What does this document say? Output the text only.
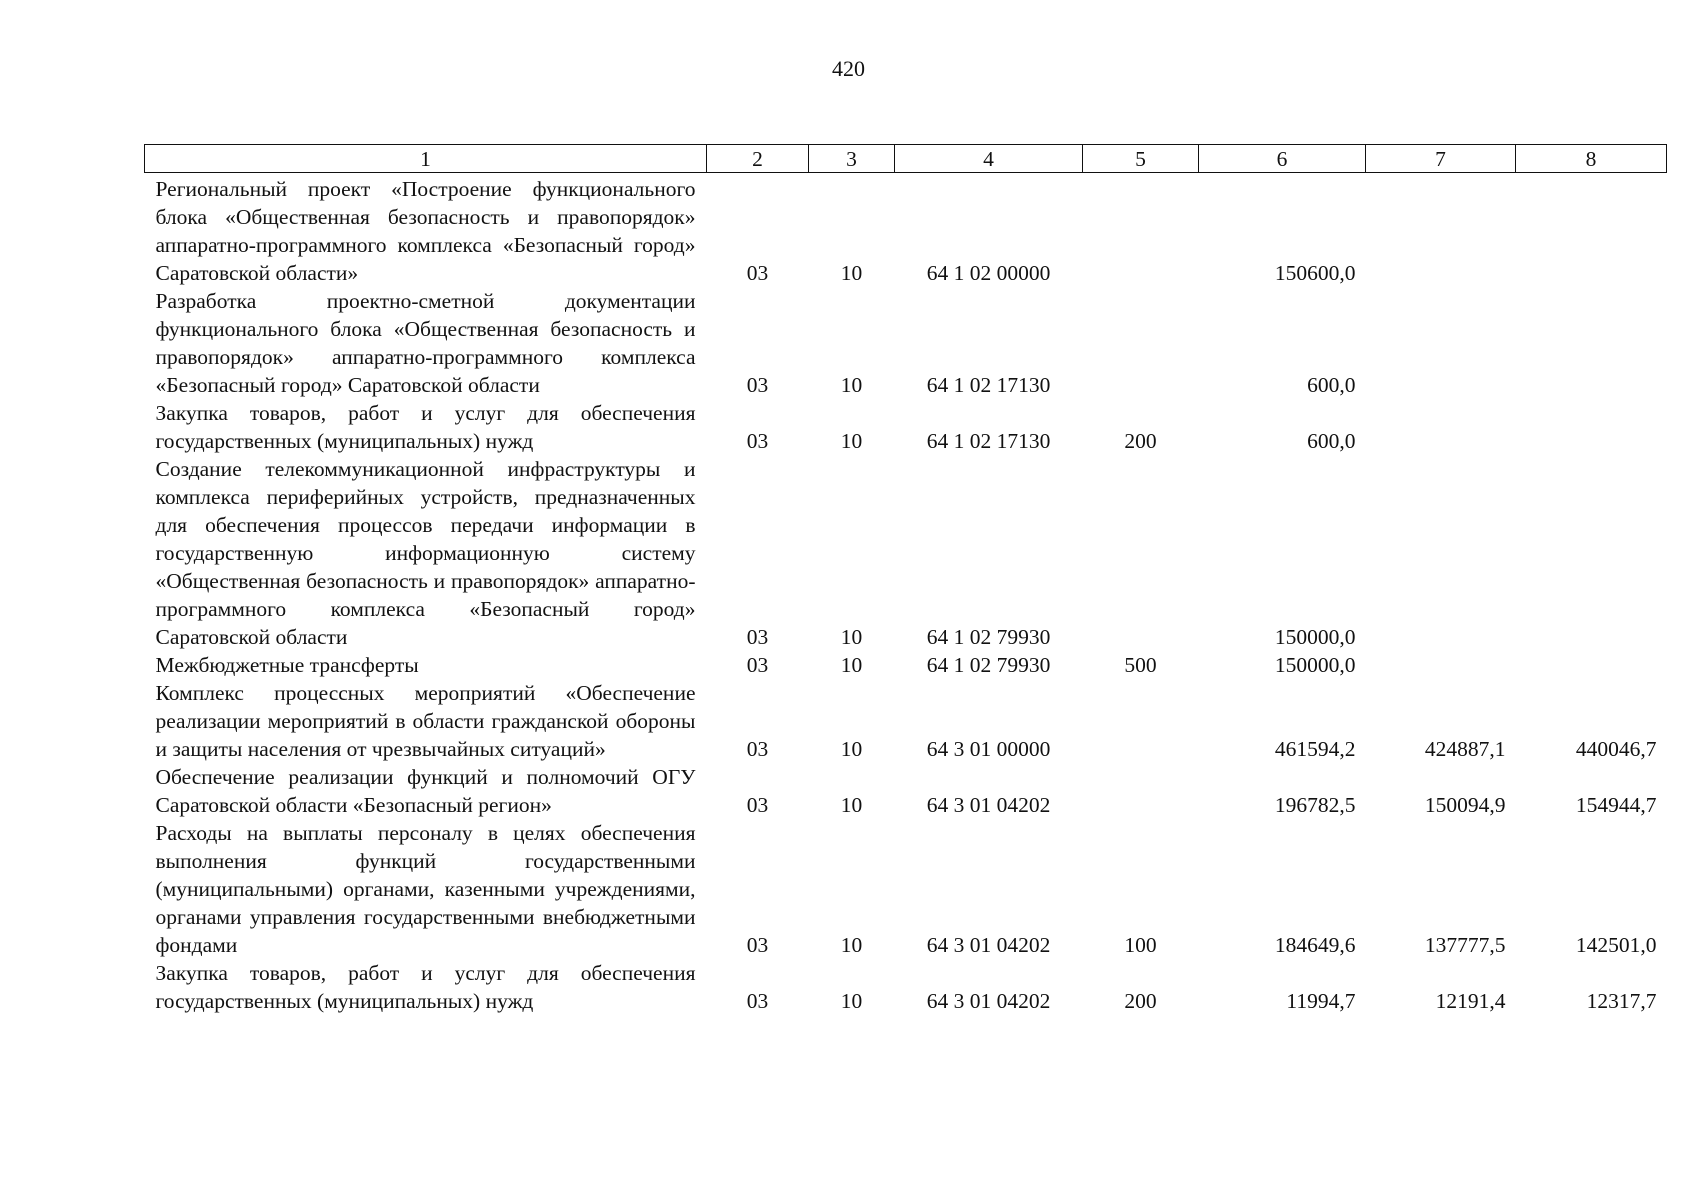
420
1	2	3	4	5	6	7	8
Региональный проект «Построение функционального блока «Общественная безопасность и правопорядок» аппаратно-программного комплекса «Безопасный город» Саратовской области»	03	10	64 1 02 00000		150600,0		
Разработка проектно-сметной документации функционального блока «Общественная безопасность и правопорядок» аппаратно-программного комплекса «Безопасный город» Саратовской области	03	10	64 1 02 17130		600,0		
Закупка товаров, работ и услуг для обеспечения государственных (муниципальных) нужд	03	10	64 1 02 17130	200	600,0		
Создание телекоммуникационной инфраструктуры и комплекса периферийных устройств, предназначенных для обеспечения процессов передачи информации в государственную информационную систему «Общественная безопасность и правопорядок» аппаратно-программного комплекса «Безопасный город» Саратовской области	03	10	64 1 02 79930		150000,0		
Межбюджетные трансферты	03	10	64 1 02 79930	500	150000,0		
Комплекс процессных мероприятий «Обеспечение реализации мероприятий в области гражданской обороны и защиты населения от чрезвычайных ситуаций»	03	10	64 3 01 00000		461594,2	424887,1	440046,7
Обеспечение реализации функций и полномочий ОГУ Саратовской области «Безопасный регион»	03	10	64 3 01 04202		196782,5	150094,9	154944,7
Расходы на выплаты персоналу в целях обеспечения выполнения функций государственными (муниципальными) органами, казенными учреждениями, органами управления государственными внебюджетными фондами	03	10	64 3 01 04202	100	184649,6	137777,5	142501,0
Закупка товаров, работ и услуг для обеспечения государственных (муниципальных) нужд	03	10	64 3 01 04202	200	11994,7	12191,4	12317,7
